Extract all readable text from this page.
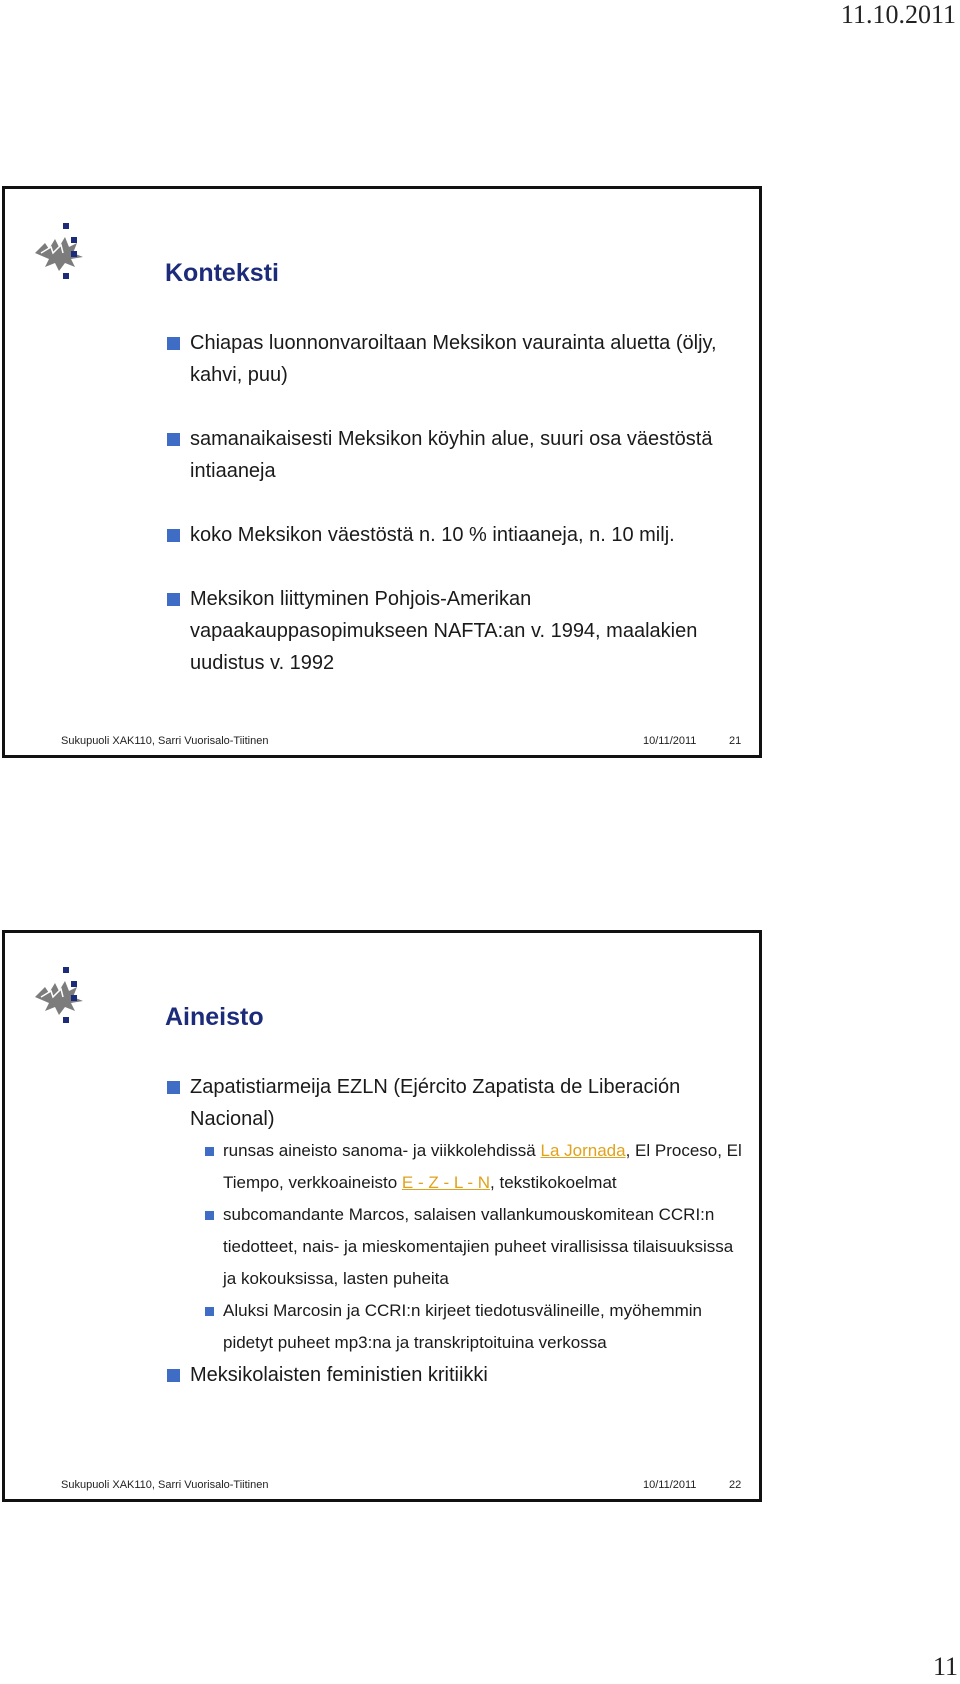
11.10.2011
Konteksti
Chiapas luonnonvaroiltaan Meksikon vaurainta aluetta (öljy, kahvi, puu)
samanaikaisesti Meksikon köyhin alue, suuri osa väestöstä intiaaneja
koko Meksikon väestöstä n. 10 % intiaaneja, n. 10 milj.
Meksikon liittyminen Pohjois-Amerikan vapaakauppasopimukseen NAFTA:an v. 1994, maalakien uudistus v. 1992
Sukupuoli XAK110, Sarri Vuorisalo-Tiitinen	10/11/2011	21
Aineisto
Zapatistiarmeija EZLN (Ejército Zapatista de Liberación Nacional)
runsas aineisto sanoma- ja viikkolehdissä La Jornada, El Proceso, El Tiempo, verkkoaineisto E - Z - L - N, tekstikokoelmat
subcomandante Marcos, salaisen vallankumouskomitean CCRI:n tiedotteet, nais- ja mieskomentajien puheet virallisissa tilaisuuksissa ja kokouksissa, lasten puheita
Aluksi Marcosin ja CCRI:n kirjeet tiedotusvälineille, myöhemmin pidetyt puheet mp3:na ja transkriptoituina verkossa
Meksikolaisten feministien kritiikki
Sukupuoli XAK110, Sarri Vuorisalo-Tiitinen	10/11/2011	22
11
